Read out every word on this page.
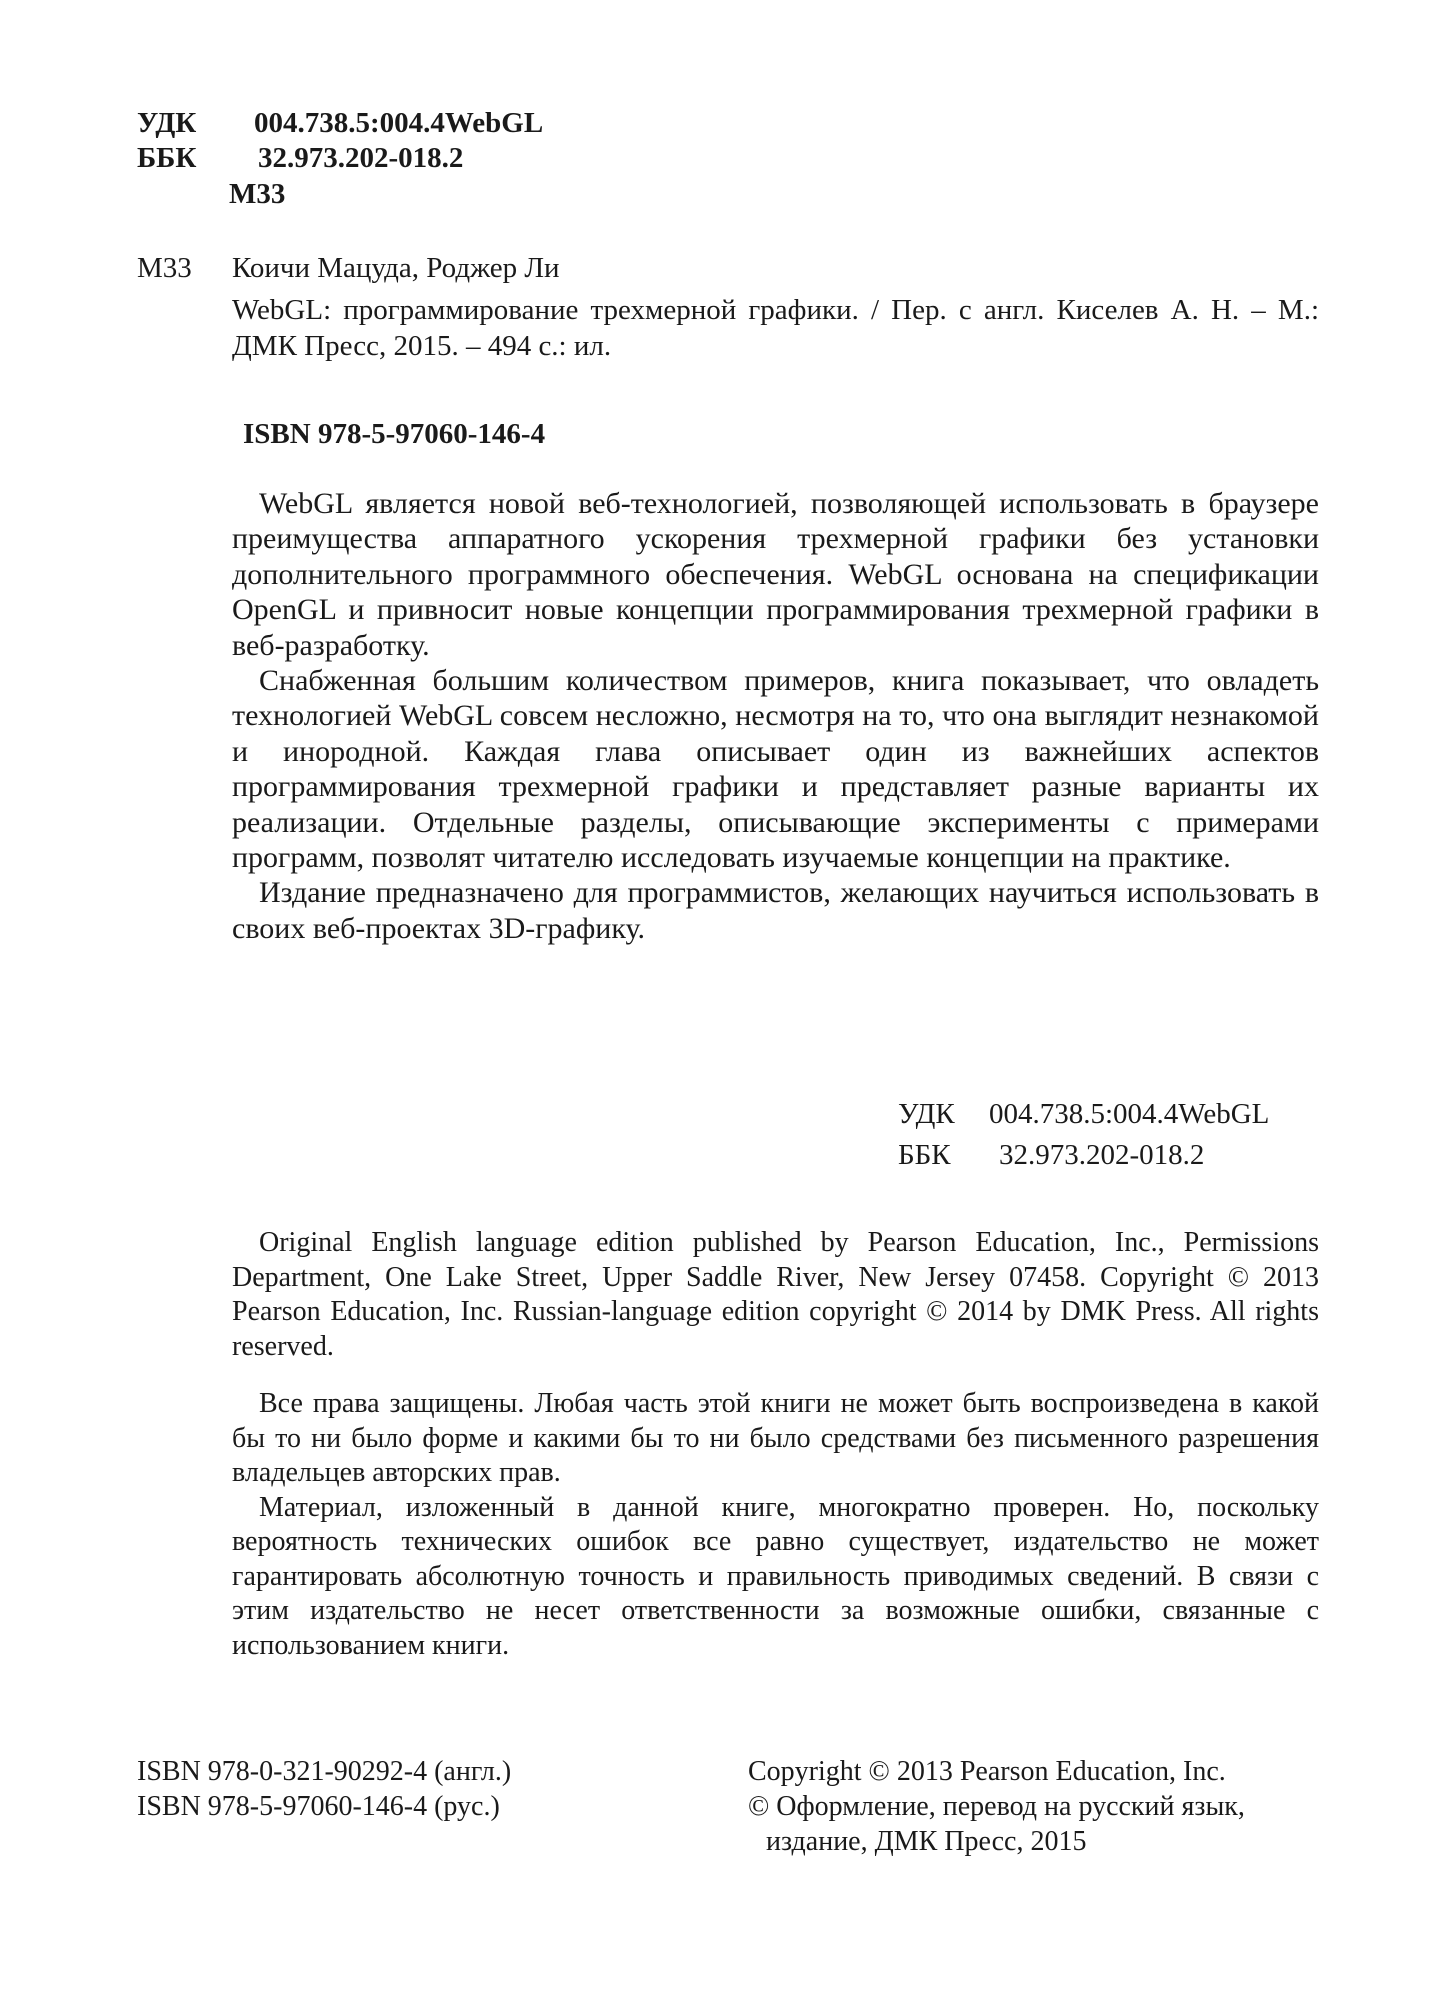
УДК 004.738.5:004.4WebGL
ББК 32.973.202-018.2
М33
М33 Коичи Мацуда, Роджер Ли

WebGL: программирование трехмерной графики. / Пер. с англ. Киселев А. Н. – М.: ДМК Пресс, 2015. – 494 с.: ил.

ISBN 978-5-97060-146-4

WebGL является новой веб-технологией, позволяющей использовать в браузере преимущества аппаратного ускорения трехмерной графики без установки дополнительного программного обеспечения. WebGL основана на спецификации OpenGL и привносит новые концепции программирования трехмерной графики в веб-разработку.

Снабженная большим количеством примеров, книга показывает, что овладеть технологией WebGL совсем несложно, несмотря на то, что она выглядит незнакомой и инородной. Каждая глава описывает один из важнейших аспектов программирования трехмерной графики и представляет разные варианты их реализации. Отдельные разделы, описывающие эксперименты с примерами программ, позволят читателю исследовать изучаемые концепции на практике.

Издание предназначено для программистов, желающих научиться использовать в своих веб-проектах 3D-графику.

УДК 004.738.5:004.4WebGL
ББК 32.973.202-018.2

Original English language edition published by Pearson Education, Inc., Permissions Department, One Lake Street, Upper Saddle River, New Jersey 07458. Copyright © 2013 Pearson Education, Inc. Russian-language edition copyright © 2014 by DMK Press. All rights reserved.

Все права защищены. Любая часть этой книги не может быть воспроизведена в какой бы то ни было форме и какими бы то ни было средствами без письменного разрешения владельцев авторских прав.

Материал, изложенный в данной книге, многократно проверен. Но, поскольку вероятность технических ошибок все равно существует, издательство не может гарантировать абсолютную точность и правильность приводимых сведений. В связи с этим издательство не несет ответственности за возможные ошибки, связанные с использованием книги.

ISBN 978-0-321-90292-4 (англ.)
ISBN 978-5-97060-146-4 (рус.)
Copyright © 2013 Pearson Education, Inc.
© Оформление, перевод на русский язык,
издание, ДМК Пресс, 2015
